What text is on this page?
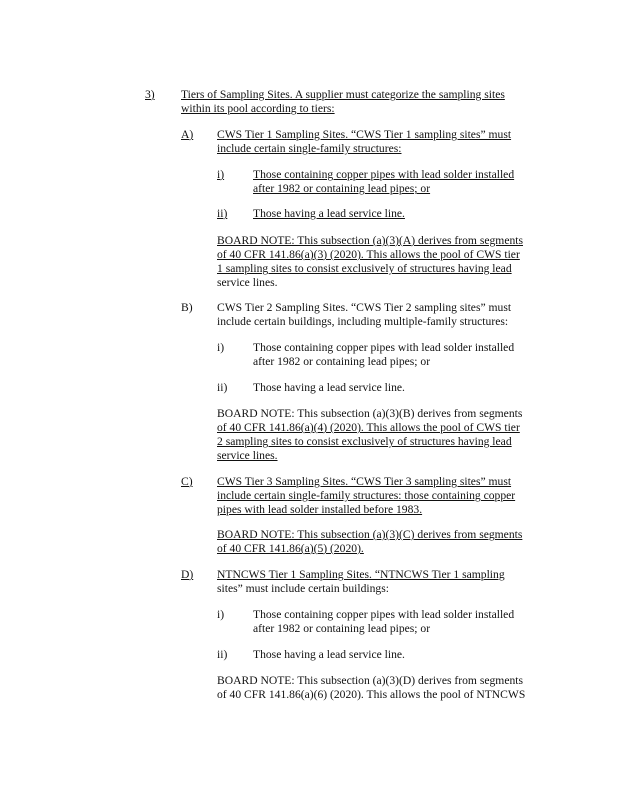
3) Tiers of Sampling Sites. A supplier must categorize the sampling sites
within its pool according to tiers:
A) CWS Tier 1 Sampling Sites. “CWS Tier 1 sampling sites” must
include certain single-family structures:
i) Those containing copper pipes with lead solder installed
after 1982 or containing lead pipes; or
ii) Those having a lead service line.
BOARD NOTE: This subsection (a)(3)(A) derives from segments
of 40 CFR 141.86(a)(3) (2020). This allows the pool of CWS tier
1 sampling sites to consist exclusively of structures having lead
service lines.
B) CWS Tier 2 Sampling Sites. “CWS Tier 2 sampling sites” must
include certain buildings, including multiple-family structures:
i) Those containing copper pipes with lead solder installed
after 1982 or containing lead pipes; or
ii) Those having a lead service line.
BOARD NOTE: This subsection (a)(3)(B) derives from segments
of 40 CFR 141.86(a)(4) (2020). This allows the pool of CWS tier
2 sampling sites to consist exclusively of structures having lead
service lines.
C) CWS Tier 3 Sampling Sites. “CWS Tier 3 sampling sites” must
include certain single-family structures: those containing copper
pipes with lead solder installed before 1983.
BOARD NOTE: This subsection (a)(3)(C) derives from segments
of 40 CFR 141.86(a)(5) (2020).
D) NTNCWS Tier 1 Sampling Sites. “NTNCWS Tier 1 sampling
sites” must include certain buildings:
i) Those containing copper pipes with lead solder installed
after 1982 or containing lead pipes; or
ii) Those having a lead service line.
BOARD NOTE: This subsection (a)(3)(D) derives from segments
of 40 CFR 141.86(a)(6) (2020). This allows the pool of NTNCWS
